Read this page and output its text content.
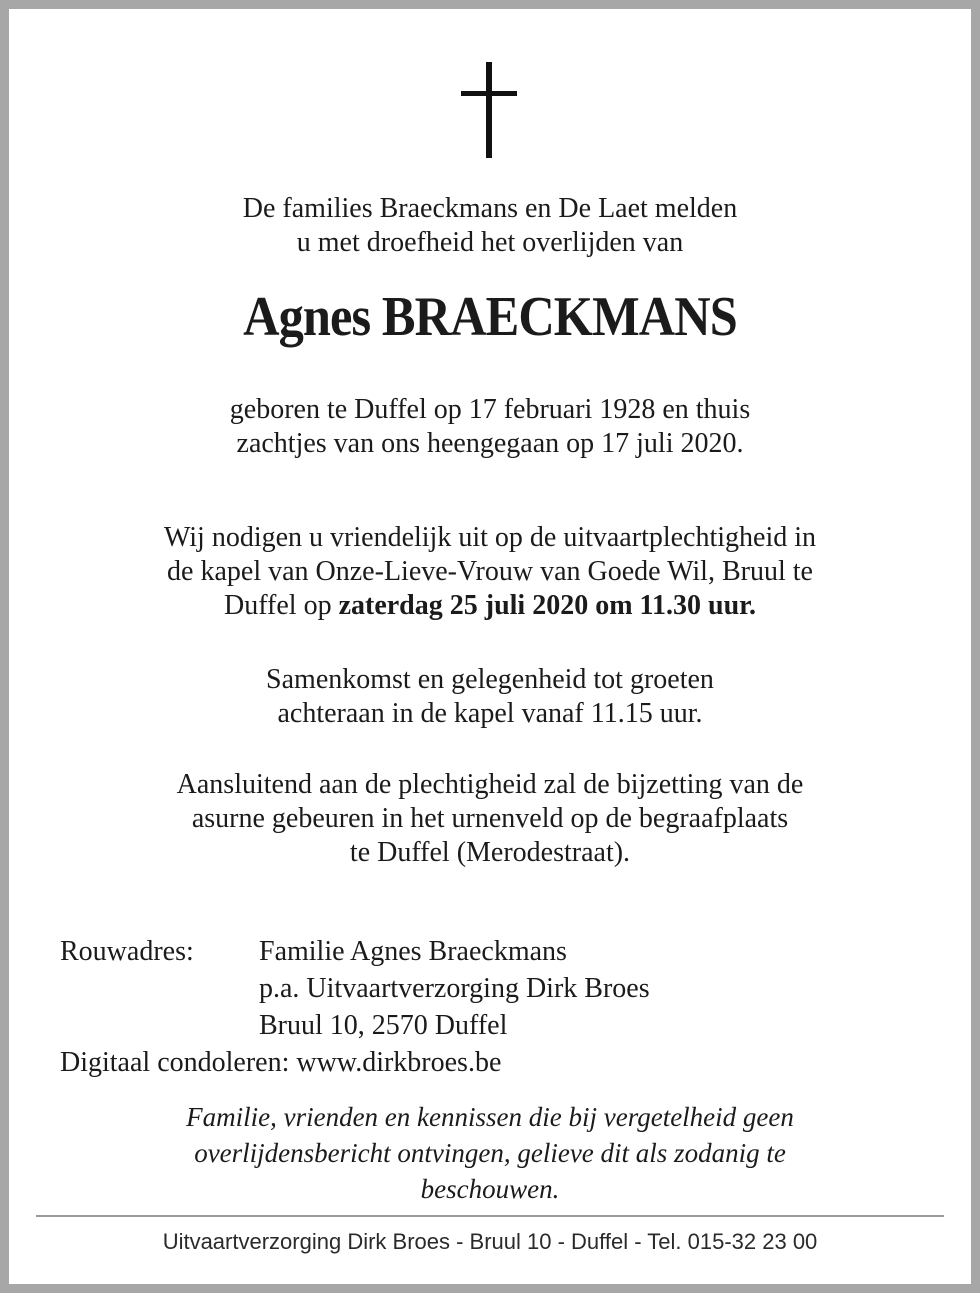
De families Braeckmans en De Laet melden
u met droefheid het overlijden van
Agnes BRAECKMANS
geboren te Duffel op 17 februari 1928 en thuis
zachtjes van ons heengegaan op 17 juli 2020.
Wij nodigen u vriendelijk uit op de uitvaartplechtigheid in
de kapel van Onze-Lieve-Vrouw van Goede Wil, Bruul te
Duffel op zaterdag 25 juli 2020 om 11.30 uur.
Samenkomst en gelegenheid tot groeten
achteraan in de kapel vanaf 11.15 uur.
Aansluitend aan de plechtigheid zal de bijzetting van de
asurne gebeuren in het urnenveld op de begraafplaats
te Duffel (Merodestraat).
Rouwadres:	Familie Agnes Braeckmans
p.a. Uitvaartverzorging Dirk Broes
Bruul 10, 2570 Duffel
Digitaal condoleren:
www.dirkbroes.be
Familie, vrienden en kennissen die bij vergetelheid geen
overlijdensbericht ontvingen, gelieve dit als zodanig te
beschouwen.
Uitvaartverzorging Dirk Broes - Bruul 10 - Duffel - Tel. 015-32 23 00
